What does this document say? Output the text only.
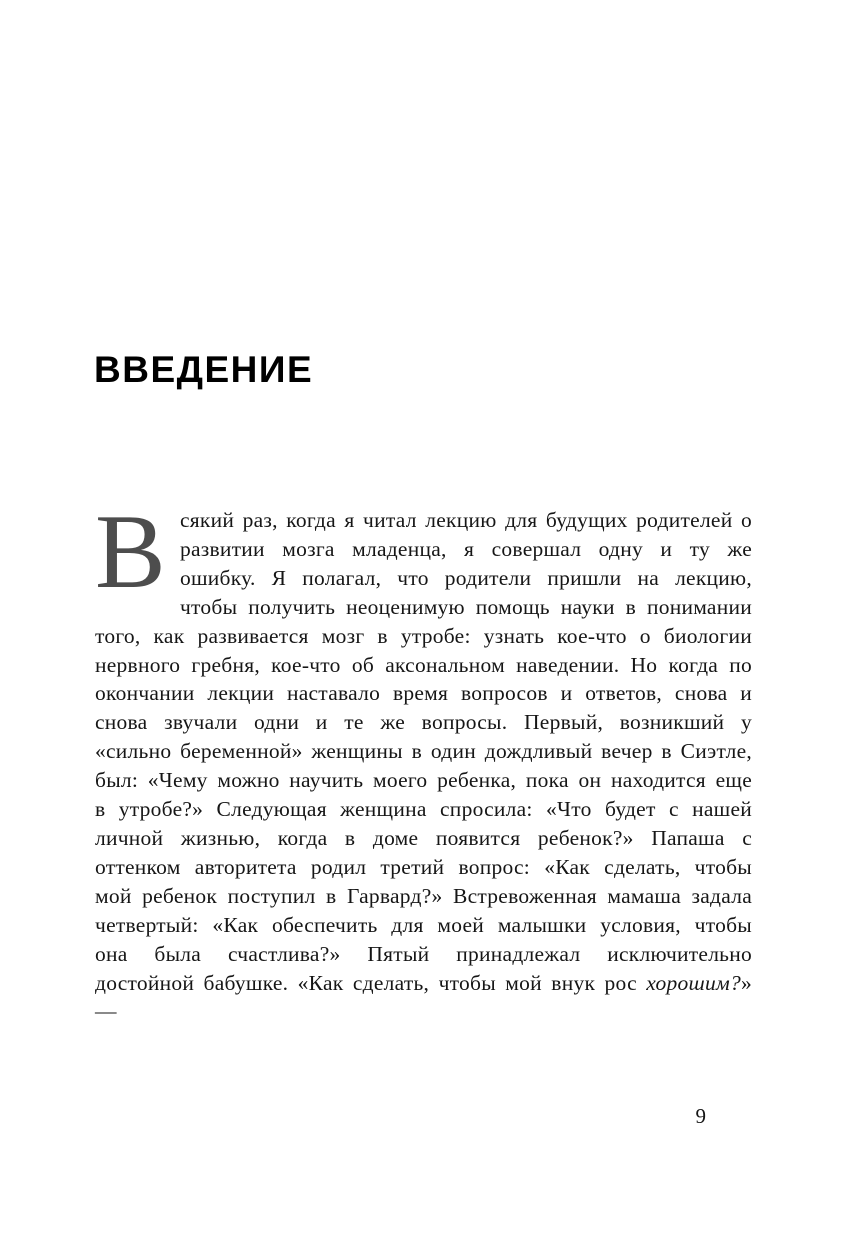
ВВЕДЕНИЕ
Всякий раз, когда я читал лекцию для будущих родителей о развитии мозга младенца, я совершал одну и ту же ошибку. Я полагал, что родители пришли на лекцию, чтобы получить неоценимую помощь науки в понимании того, как развивается мозг в утробе: узнать кое-что о биологии нервного гребня, кое-что об аксональном наведении. Но когда по окончании лекции наставало время вопросов и ответов, снова и снова звучали одни и те же вопросы. Первый, возникший у «сильно беременной» женщины в один дождливый вечер в Сиэтле, был: «Чему можно научить моего ребенка, пока он находится еще в утробе?» Следующая женщина спросила: «Что будет с нашей личной жизнью, когда в доме появится ребенок?» Папаша с оттенком авторитета родил третий вопрос: «Как сделать, чтобы мой ребенок поступил в Гарвард?» Встревоженная мамаша задала четвертый: «Как обеспечить для моей малышки условия, чтобы она была счастлива?» Пятый принадлежал исключительно достойной бабушке. «Как сделать, чтобы мой внук рос хорошим?» —
9
